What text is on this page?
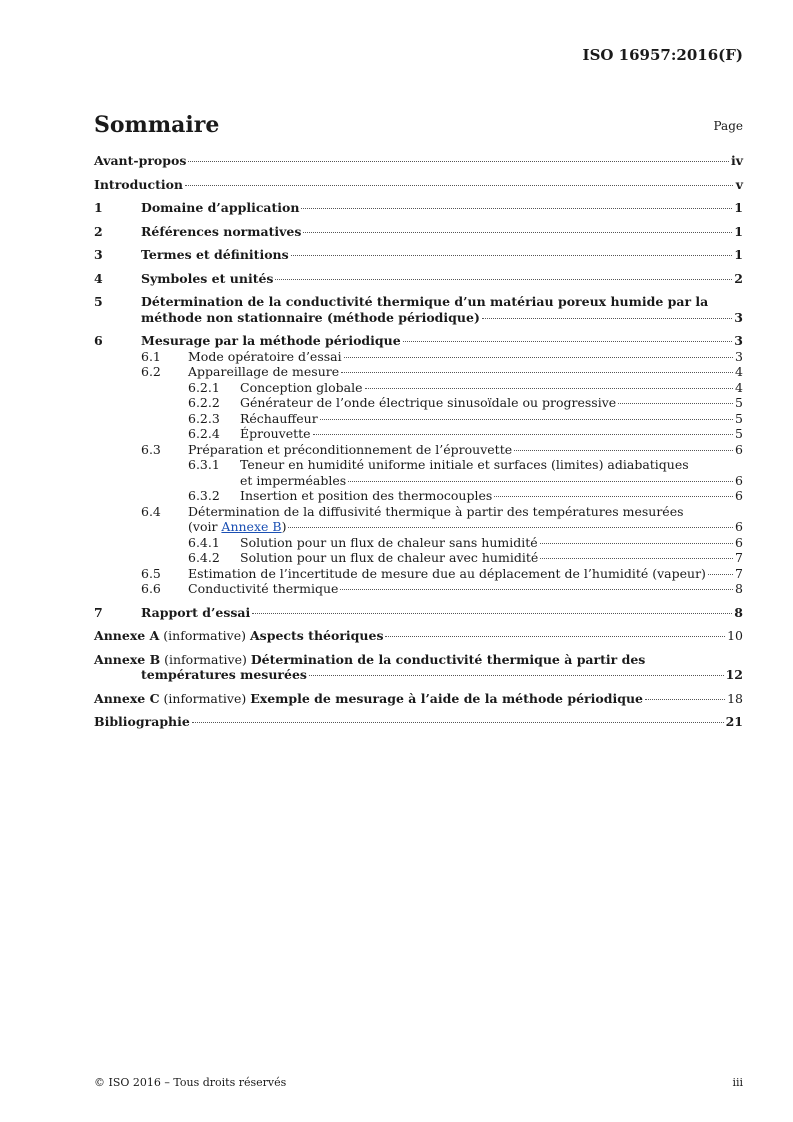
ISO 16957:2016(F)
Sommaire	Page
Avant-propos	iv
Introduction	v
1	Domaine d’application	1
2	Références normatives	1
3	Termes et définitions	1
4	Symboles et unités	2
5	Détermination de la conductivité thermique d’un matériau poreux humide par la
méthode non stationnaire (méthode périodique)	3
6	Mesurage par la méthode périodique	3
6.1	Mode opératoire d’essai	3
6.2	Appareillage de mesure	4
6.2.1	Conception globale	4
6.2.2	Générateur de l’onde électrique sinusoïdale ou progressive	5
6.2.3	Réchauffeur	5
6.2.4	Éprouvette	5
6.3	Préparation et préconditionnement de l’éprouvette	6
6.3.1	Teneur en humidité uniforme initiale et surfaces (limites) adiabatiques
et imperméables	6
6.3.2	Insertion et position des thermocouples	6
6.4	Détermination de la diffusivité thermique à partir des températures mesurées
(voir Annexe B)	6
6.4.1	Solution pour un flux de chaleur sans humidité	6
6.4.2	Solution pour un flux de chaleur avec humidité	7
6.5	Estimation de l’incertitude de mesure due au déplacement de l’humidité (vapeur) 7
6.6	Conductivité thermique	8
7	Rapport d’essai	8
Annexe A (informative) Aspects théoriques	10
Annexe B (informative) Détermination de la conductivité thermique à partir des
températures mesurées	12
Annexe C (informative) Exemple de mesurage à l’aide de la méthode périodique	18
Bibliographie	21
© ISO 2016 – Tous droits réservés	iii
